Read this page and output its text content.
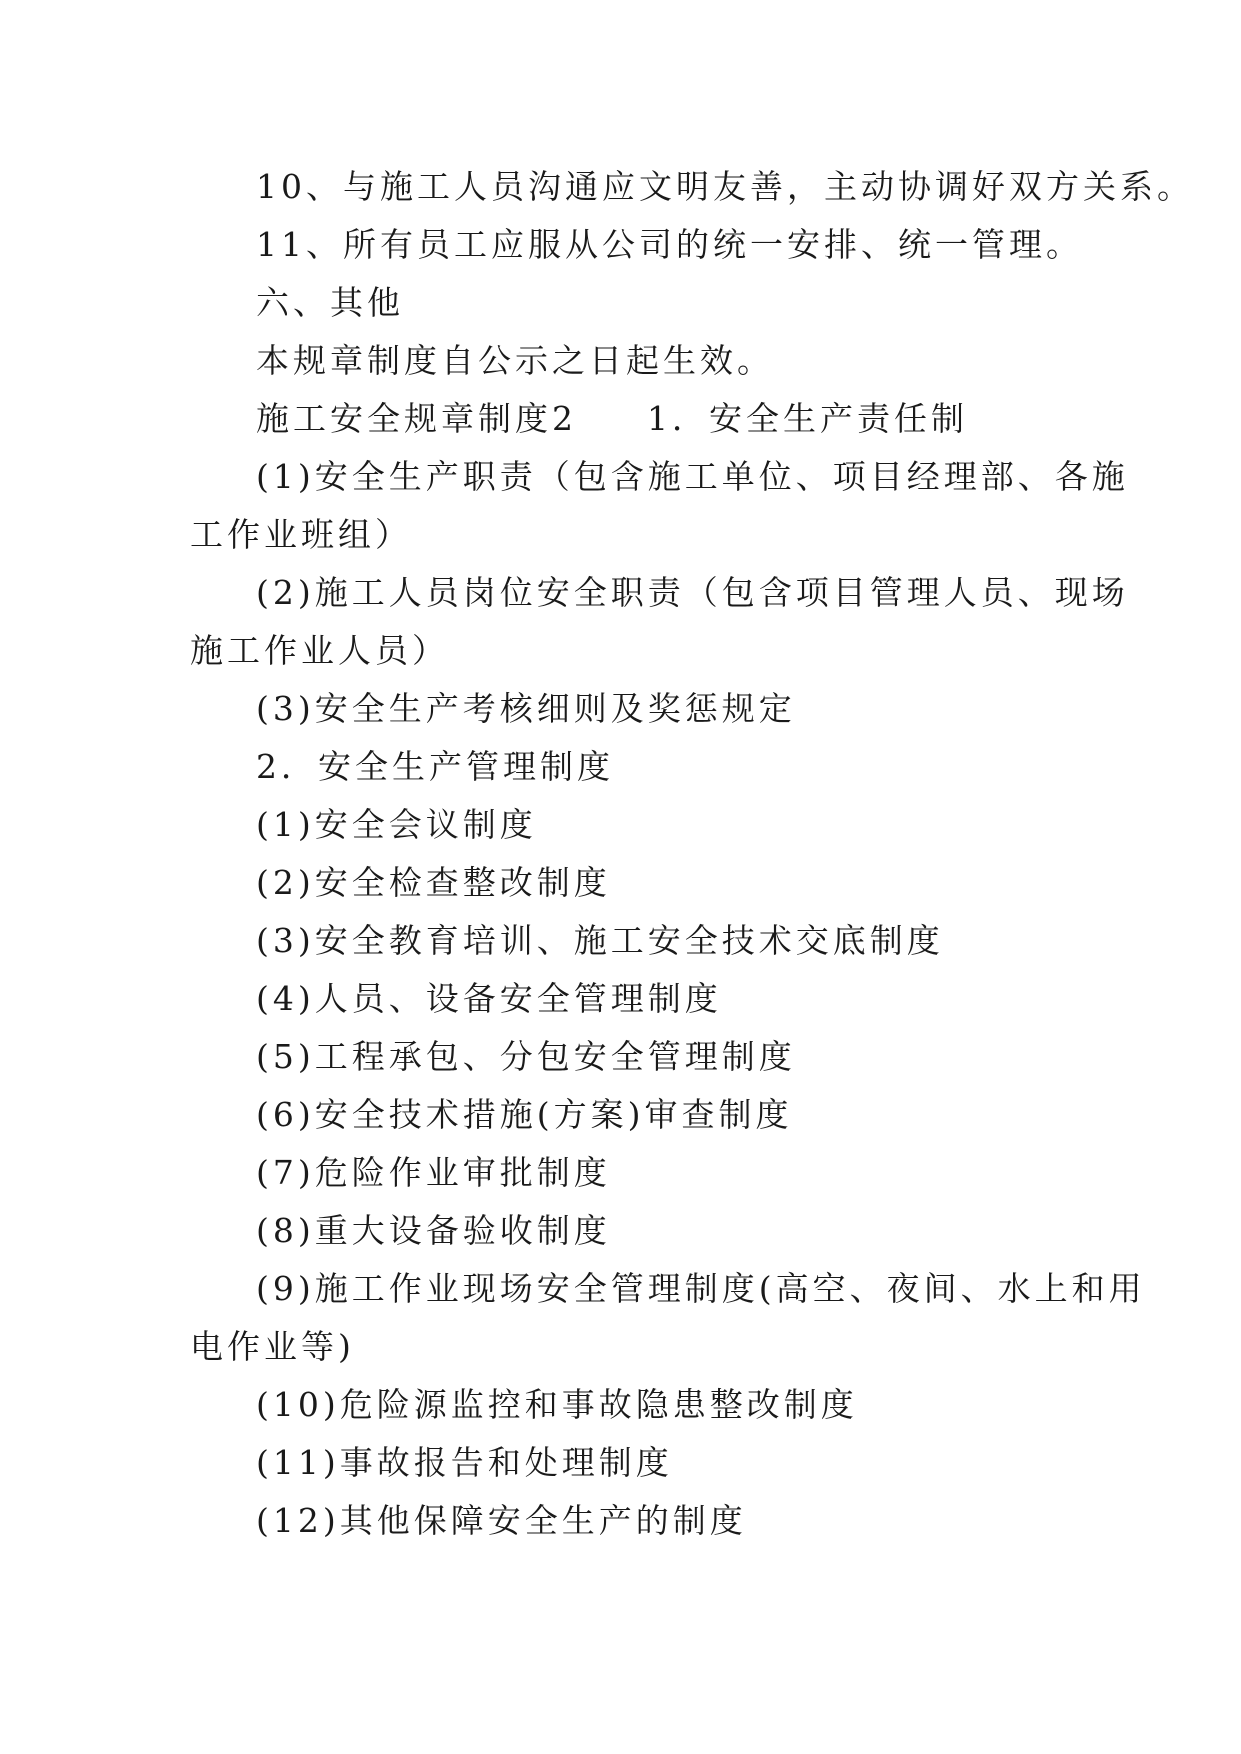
10、与施工人员沟通应文明友善，主动协调好双方关系。

11、所有员工应服从公司的统一安排、统一管理。

六、其他

本规章制度自公示之日起生效。

施工安全规章制度2 1．安全生产责任制

(1)安全生产职责（包含施工单位、项目经理部、各施

工作业班组）

(2)施工人员岗位安全职责（包含项目管理人员、现场

施工作业人员）

(3)安全生产考核细则及奖惩规定

2．安全生产管理制度

(1)安全会议制度

(2)安全检查整改制度

(3)安全教育培训、施工安全技术交底制度

(4)人员、设备安全管理制度

(5)工程承包、分包安全管理制度

(6)安全技术措施(方案)审查制度

(7)危险作业审批制度

(8)重大设备验收制度

(9)施工作业现场安全管理制度(高空、夜间、水上和用

电作业等)

(10)危险源监控和事故隐患整改制度

(11)事故报告和处理制度

(12)其他保障安全生产的制度
